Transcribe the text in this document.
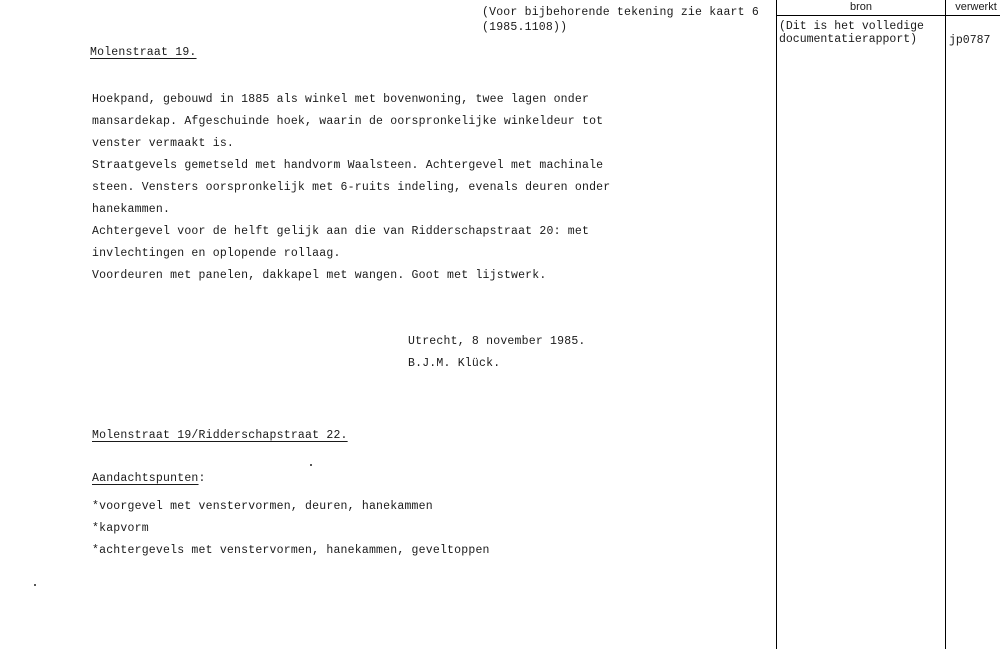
bron	verwerkt
(Dit is het volledige
documentatierapport)	jp0787
(Voor bijbehorende tekening zie kaart 6
(1985.1108))
Molenstraat 19.
Hoekpand, gebouwd in 1885 als winkel met bovenwoning, twee lagen onder
mansardekap. Afgeschuinde hoek, waarin de oorspronkelijke winkeldeur tot
venster vermaakt is.
Straatgevels gemetseld met handvorm Waalsteen. Achtergevel met machinale
steen. Vensters oorspronkelijk met 6-ruits indeling, evenals deuren onder
hanekammen.
Achtergevel voor de helft gelijk aan die van Ridderschapstraat 20: met
invlechtingen en oplopende rollaag.
Voordeuren met panelen, dakkapel met wangen. Goot met lijstwerk.
Utrecht, 8 november 1985.
B.J.M. Klück.
Molenstraat 19/Ridderschapstraat 22.
Aandachtspunten:
*voorgevel met venstervormen, deuren, hanekammen
*kapvorm
*achtergevels met venstervormen, hanekammen, geveltoppen
